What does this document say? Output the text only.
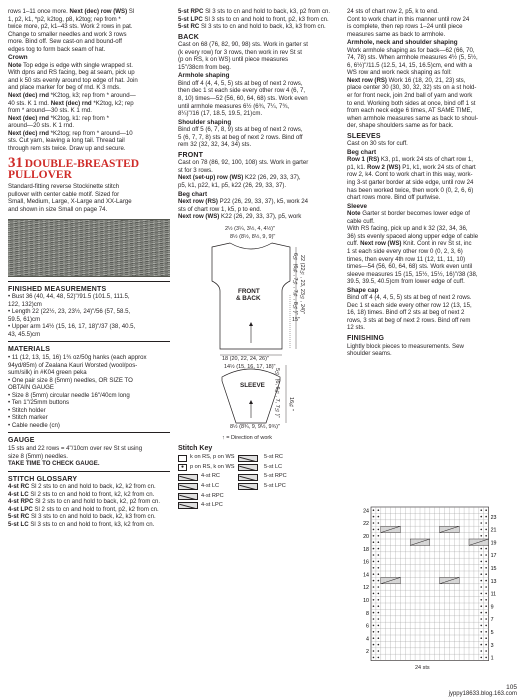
rows 1–11 once more. Next (dec) row (WS) Sl

1, p2, k1, *p2, k2tog, p8, k2tog; rep from *

twice more, p2, k1–43 sts. Work 2 rows in pat.

Change to smaller needles and work 3 rows

more. Bind off. Sew cast-on and bound-off

edges tog to form back seam of hat.

Crown

Note Top edge is edge with single wrapped st.

With dpns and RS facing, beg at seam, pick up

and k 50 sts evenly around top edge of hat. Join

and place marker for beg of rnd. K 3 rnds.

Next (dec) rnd *K2tog, k3; rep from * around—

40 sts. K 1 rnd. Next (dec) rnd *K2tog, k2; rep

from * around—30 sts. K 1 rnd.

Next (dec) rnd *K2tog, k1: rep from *

around—20 sts. K 1 rnd.

Next (dec) rnd *K2tog; rep from * around—10

sts. Cut yarn, leaving a long tail. Thread tail

through rem sts twice. Draw up and secure.

31 DOUBLE-BREASTED
PULLOVER

Standard-fitting reverse Stockinette stitch

pullover with center cable motif. Sized for

Small, Medium, Large, X-Large and XX-Large

and shown in size Small on page 74.

FINISHED MEASUREMENTS

• Bust 36 (40, 44, 48, 52)"/91.5 (101.5, 111.5,

122, 132)cm

• Length 22 (22½, 23, 23½, 24)"/56 (57, 58.5,

59.5, 61)cm

• Upper arm 14½ (15, 16, 17, 18)"/37 (38, 40.5,

43, 45.5)cm

MATERIALS

• 11 (12, 13, 15, 16) 1¾ oz/50g hanks (each approx

94yd/85m) of Zealana Kauri Worsted (wool/pos-

sum/silk) in #K04 green peka

• One pair size 8 (5mm) needles, OR SIZE TO

OBTAIN GAUGE

• Size 8 (5mm) circular needle 16"/40cm long

• Ten 1"/25mm buttons

• Stitch holder

• Stitch marker

• Cable needle (cn)

GAUGE

15 sts and 22 rows = 4"/10cm over rev St st using

size 8 (5mm) needles.

TAKE TIME TO CHECK GAUGE.

STITCH GLOSSARY

4-st RC Sl 2 sts to cn and hold to back, k2, k2 from cn.

4-st LC Sl 2 sts to cn and hold to front, k2, k2 from cn.

4-st RPC Sl 2 sts to cn and hold to back, k2, p2 from cn.

4-st LPC Sl 2 sts to cn and hold to front, p2, k2 from cn.

5-st RC Sl 3 sts to cn and hold to back, k2, k3 from cn.

5-st LC Sl 3 sts to cn and hold to front, k3, k2 from cn.

5-st RPC Sl 3 sts to cn and hold to back, k3, p2 from cn.

5-st LPC Sl 3 sts to cn and hold to front, p2, k3 from cn.

5-st RC Sl 3 sts to cn and hold to back, k3, k3 from cn.

BACK

Cast on 68 (76, 82, 90, 98) sts. Work in garter st

(k every row) for 3 rows, then work in rev St st

(p on RS, k on WS) until piece measures

15"/38cm from beg.

Armhole shaping

Bind off 4 (4, 4, 5, 5) sts at beg of next 2 rows,

then dec 1 st each side every other row 4 (6, 7,

8, 10) times—52 (56, 60, 64, 68) sts. Work even

until armhole measures 6½ (6¾, 7¼, 7¾,

8¼)"/16 (17, 18.5, 19.5, 21)cm.

Shoulder shaping

Bind off 5 (6, 7, 8, 9) sts at beg of next 2 rows,

5 (6, 7, 7, 8) sts at beg of next 2 rows. Bind off

rem 32 (32, 32, 34, 34) sts.

FRONT

Cast on 78 (86, 92, 100, 108) sts. Work in garter

st for 3 rows.

Next (set-up) row (WS) K22 (26, 29, 33, 37),

p5, k1, p22, k1, p5, k22 (26, 29, 33, 37).

Beg chart

Next row (RS) P22 (26, 29, 33, 37), k5, work 24

sts of chart row 1, k5, p to end.

Next row (WS) K22 (26, 29, 33, 37), p5, work

2½ (3¼, 3½, 4, 4½)"
8½ (8½, 8½, 9, 9)"
FRONT
& BACK	6½ (6¾, 7¼, 7¾, 8¼)"
15"
22 (22½, 23, 23½, 24)"
18 (20, 22, 24, 26)"
14½ (15, 16, 17, 18)"
SLEEVE 5½ (6, 6½, 7, 7½)" 16¾"
8½ (8¾, 9, 9½, 9¾)"
↑ = Direction of work
Stitch Key
k on RS, p on WS	5-st RC
●	p on RS, k on WS	5-st LC
4-st RC	5-st RPC
4-st LC	5-st LPC
4-st RPC
4-st LPC

24 sts of chart row 2, p5, k to end.

Cont to work chart in this manner until row 24

is complete, then rep rows 1–24 until piece

measures same as back to armhole.

Armhole, neck and shoulder shaping

Work armhole shaping as for back—62 (66, 70,

74, 78) sts. When armhole measures 4½ (5, 5½,

6, 6½)"/11.5 (12.5, 14, 15, 16.5)cm, end with a

WS row and work neck shaping as foll:

Next row (RS) Work 16 (18, 20, 21, 23) sts,

place center 30 (30, 30, 32, 32) sts on a st hold-

er for front neck, join 2nd ball of yarn and work

to end. Working both sides at once, bind off 1 st

from each neck edge 6 times, AT SAME TIME,

when armhole measures same as back to shoul-

der, shape shoulders same as for back.

SLEEVES

Cast on 30 sts for cuff.

Beg chart

Row 1 (RS) K3, p1, work 24 sts of chart row 1,

p1, k1. Row 2 (WS) P1, k1, work 24 sts of chart

row 2, k4. Cont to work chart in this way, work-

ing 3-st garter border at side edge, until row 24

has been worked twice, then work 0 (0, 2, 6, 6)

chart rows more. Bind off purlwise.

Sleeve

Note Garter st border becomes lower edge of

cable cuff.

With RS facing, pick up and k 32 (32, 34, 36,

36) sts evenly spaced along upper edge of cable

cuff. Next row (WS) Knit. Cont in rev St st, inc

1 st each side every other row 0 (0, 2, 3, 6)

times, then every 4th row 11 (12, 11, 11, 10)

times—54 (56, 60, 64, 68) sts. Work even until

sleeve measures 15 (15, 15½, 15½, 16)"/38 (38,

39.5, 39.5, 40.5)cm from lower edge of cuff.

Shape cap

Bind off 4 (4, 4, 5, 5) sts at beg of next 2 rows.

Dec 1 st each side every other row 12 (13, 15,

16, 18) times. Bind off 2 sts at beg of next 2

rows, 3 sts at beg of next 2 rows. Bind off rem

12 sts.

FINISHING

Lightly block pieces to measurements. Sew

shoulder seams.

24
22
20
18
16
14
12
10
8
6
4
2
23
21
19
17
15
13
11
9
7
5
3
1
24 sts
105
jyppy18633.blog.163.com
